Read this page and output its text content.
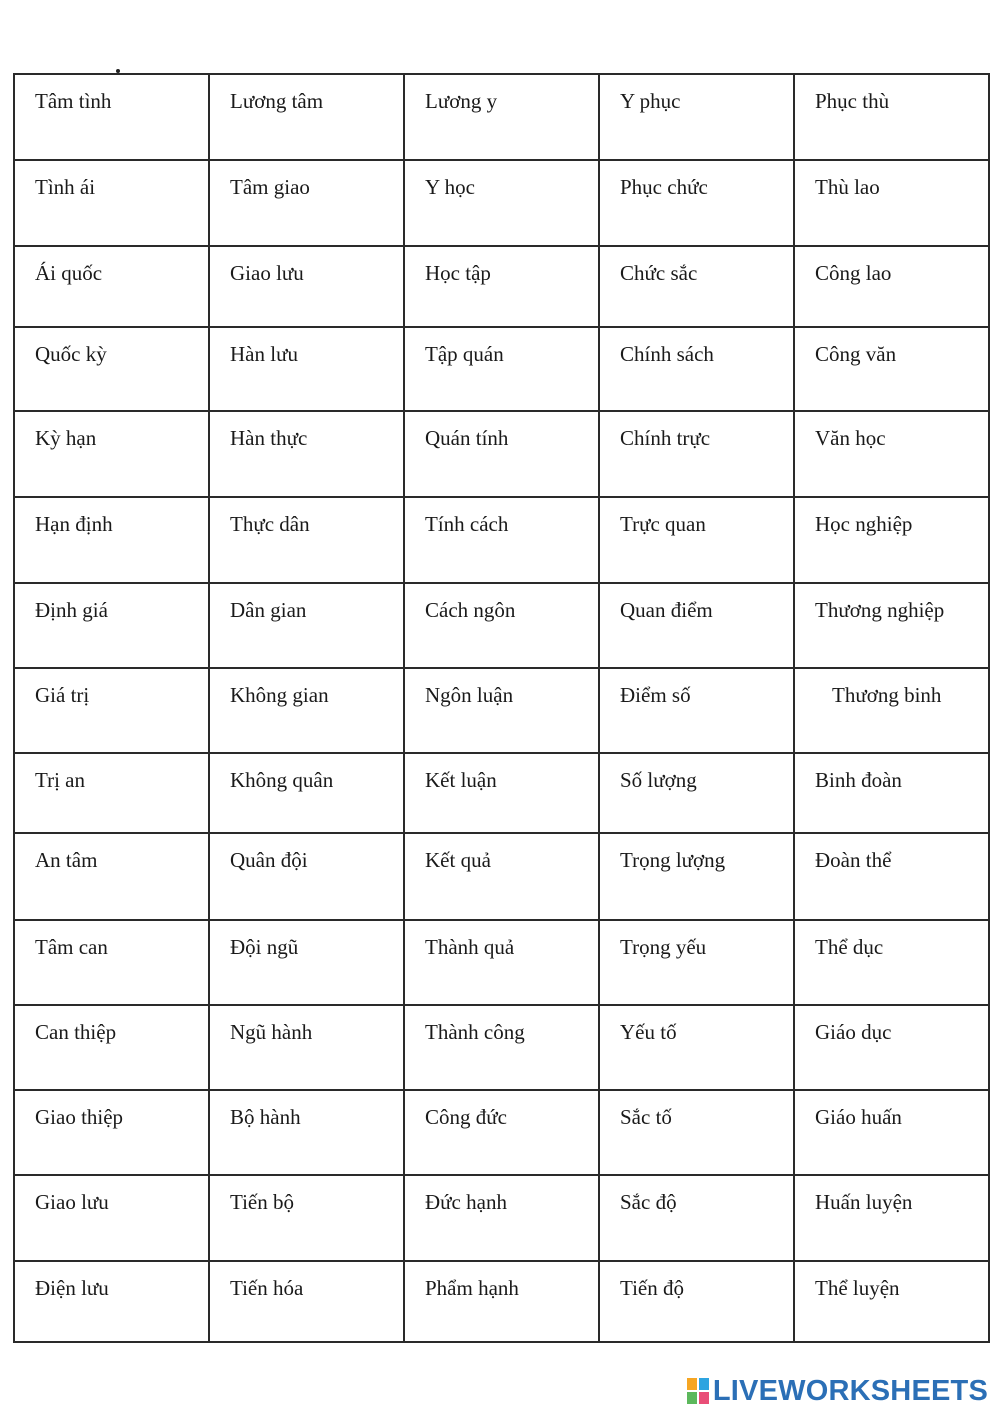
Tâm tình	Lương tâm	Lương y	Y phục	Phục thù
Tình ái	Tâm giao	Y học	Phục chức	Thù lao
Ái quốc	Giao lưu	Học tập	Chức sắc	Công lao
Quốc kỳ	Hàn lưu	Tập quán	Chính sách	Công văn
Kỳ hạn	Hàn thực	Quán tính	Chính trực	Văn học
Hạn định	Thực dân	Tính cách	Trực quan	Học nghiệp
Định giá	Dân gian	Cách ngôn	Quan điểm	Thương nghiệp
Giá trị	Không gian	Ngôn luận	Điểm số	Thương binh
Trị an	Không quân	Kết luận	Số lượng	Binh đoàn
An tâm	Quân đội	Kết quả	Trọng lượng	Đoàn thể
Tâm can	Đội ngũ	Thành quả	Trọng yếu	Thể dục
Can thiệp	Ngũ hành	Thành công	Yếu tố	Giáo dục
Giao thiệp	Bộ hành	Công đức	Sắc tố	Giáo huấn
Giao lưu	Tiến bộ	Đức hạnh	Sắc độ	Huấn luyện
Điện lưu	Tiến hóa	Phẩm hạnh	Tiến độ	Thể luyện
LIVEWORKSHEETS
